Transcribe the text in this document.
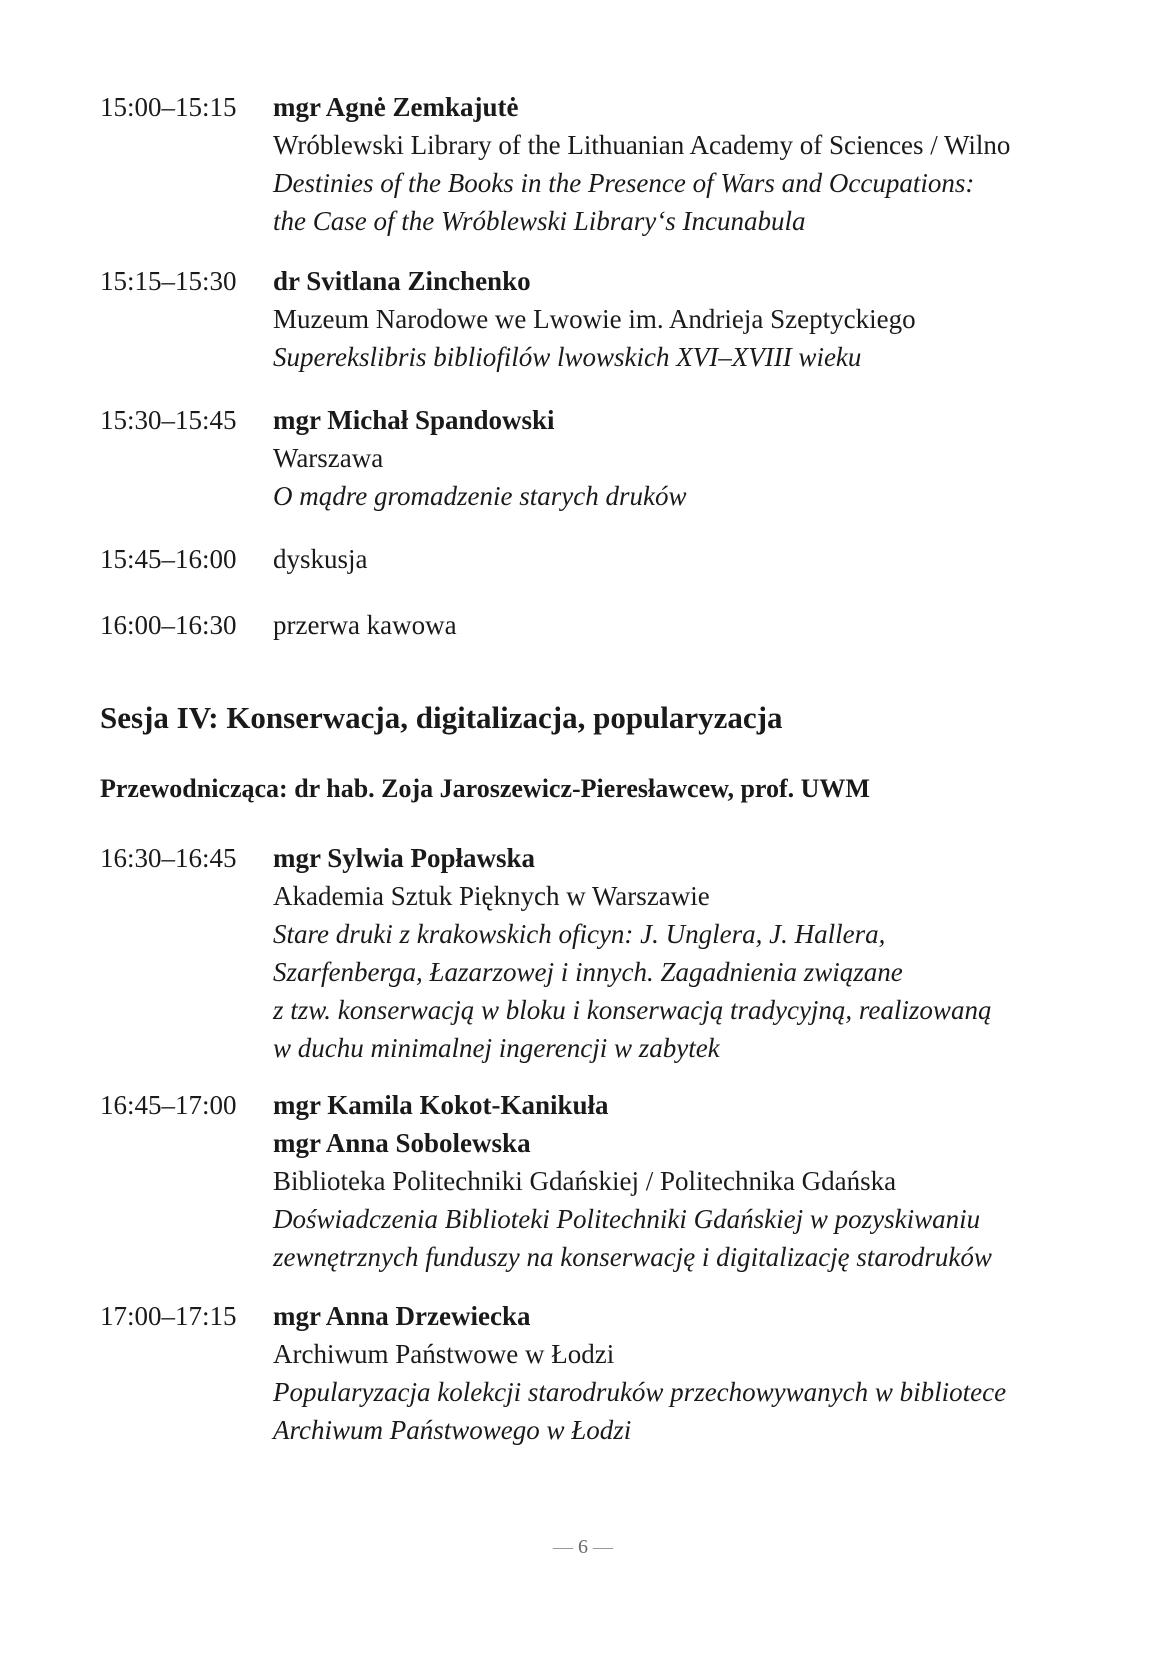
15:00–15:15	mgr Agnė Zemkajutė
Wróblewski Library of the Lithuanian Academy of Sciences / Wilno
Destinies of the Books in the Presence of Wars and Occupations:
the Case of the Wróblewski Library‘s Incunabula
15:15–15:30	dr Svitlana Zinchenko
Muzeum Narodowe we Lwowie im. Andrieja Szeptyckiego
Superekslibris bibliofilów lwowskich XVI–XVIII wieku
15:30–15:45	mgr Michał Spandowski
Warszawa
O mądre gromadzenie starych druków
15:45–16:00	dyskusja
16:00–16:30	przerwa kawowa
Sesja IV: Konserwacja, digitalizacja, popularyzacja
Przewodnicząca: dr hab. Zoja Jaroszewicz-Pieresławcew, prof. UWM
16:30–16:45	mgr Sylwia Popławska
Akademia Sztuk Pięknych w Warszawie
Stare druki z krakowskich oficyn: J. Unglera, J. Hallera,
Szarfenberga, Łazarzowej i innych. Zagadnienia związane
z tzw. konserwacją w bloku i konserwacją tradycyjną, realizowaną
w duchu minimalnej ingerencji w zabytek
16:45–17:00	mgr Kamila Kokot-Kanikuła
mgr Anna Sobolewska
Biblioteka Politechniki Gdańskiej / Politechnika Gdańska
Doświadczenia Biblioteki Politechniki Gdańskiej w pozyskiwaniu
zewnętrznych funduszy na konserwację i digitalizację starodruków
17:00–17:15	mgr Anna Drzewiecka
Archiwum Państwowe w Łodzi
Popularyzacja kolekcji starodruków przechowywanych w bibliotece
Archiwum Państwowego w Łodzi
— 6 —
